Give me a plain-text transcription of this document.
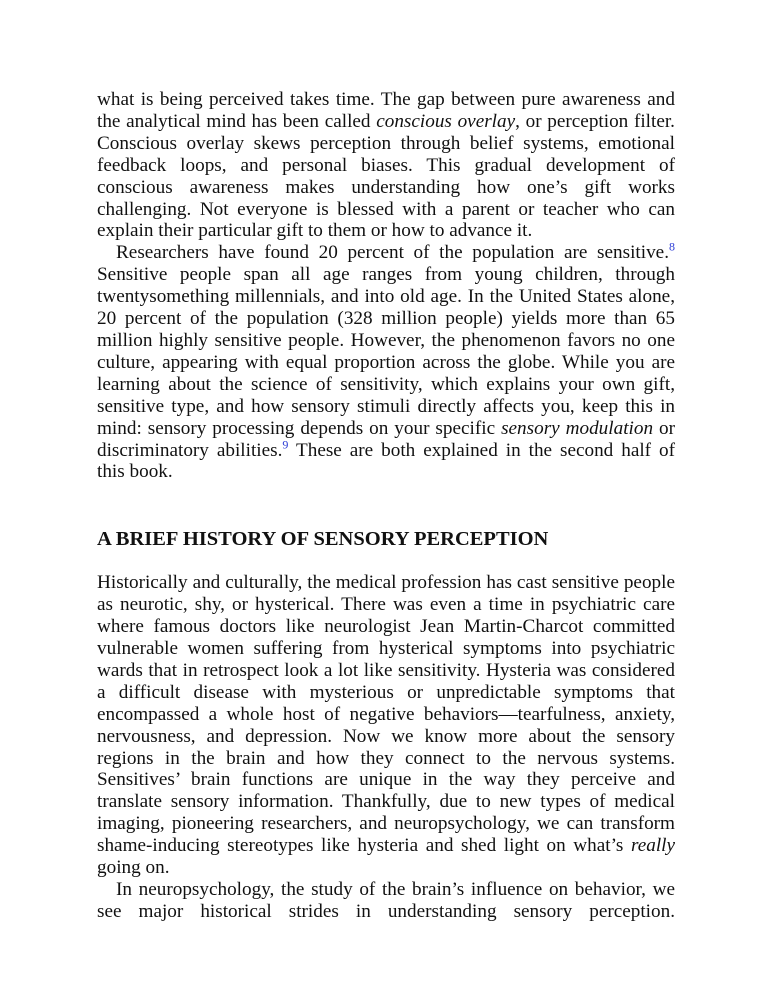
what is being perceived takes time. The gap between pure awareness and the analytical mind has been called conscious overlay, or perception filter. Conscious overlay skews perception through belief systems, emotional feedback loops, and personal biases. This gradual development of conscious awareness makes understanding how one’s gift works challenging. Not everyone is blessed with a parent or teacher who can explain their particular gift to them or how to advance it.

Researchers have found 20 percent of the population are sensitive.$^8$ Sensitive people span all age ranges from young children, through twentysomething millennials, and into old age. In the United States alone, 20 percent of the population (328 million people) yields more than 65 million highly sensitive people. However, the phenomenon favors no one culture, appearing with equal proportion across the globe. While you are learning about the science of sensitivity, which explains your own gift, sensitive type, and how sensory stimuli directly affects you, keep this in mind: sensory processing depends on your specific sensory modulation or discriminatory abilities.$^9$ These are both explained in the second half of this book.

A BRIEF HISTORY OF SENSORY PERCEPTION

Historically and culturally, the medical profession has cast sensitive people as neurotic, shy, or hysterical. There was even a time in psychiatric care where famous doctors like neurologist Jean Martin-Charcot committed vulnerable women suffering from hysterical symptoms into psychiatric wards that in retrospect look a lot like sensitivity. Hysteria was considered a difficult disease with mysterious or unpredictable symptoms that encompassed a whole host of negative behaviors—tearfulness, anxiety, nervousness, and depression. Now we know more about the sensory regions in the brain and how they connect to the nervous systems. Sensitives’ brain functions are unique in the way they perceive and translate sensory information. Thankfully, due to new types of medical imaging, pioneering researchers, and neuropsychology, we can transform shame-inducing stereotypes like hysteria and shed light on what’s really going on.

In neuropsychology, the study of the brain’s influence on behavior, we see major historical strides in understanding sensory perception.
